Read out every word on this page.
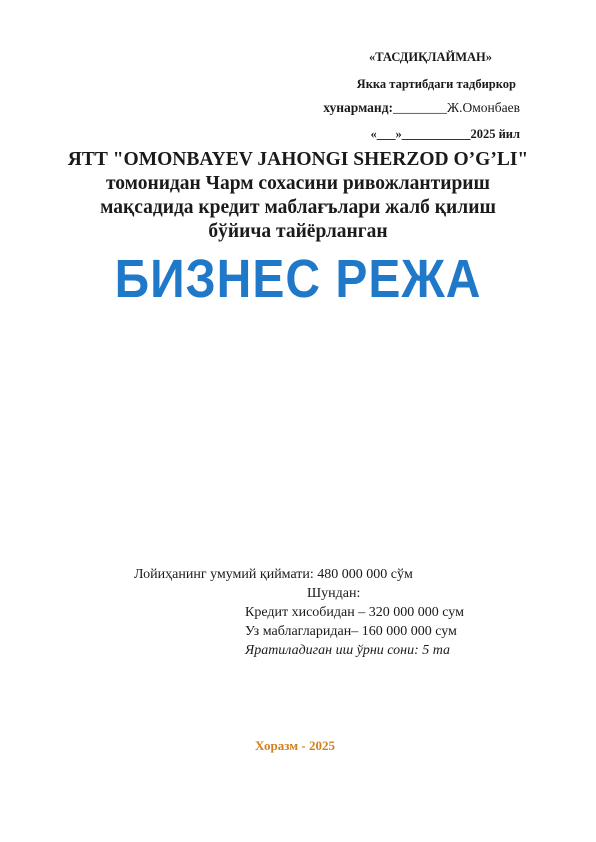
«ТАСДИҚЛАЙМАН»
Якка тартибдаги тадбиркор
хунарманд:________Ж.Омонбаев
«___»___________2025 йил
ЯТТ "OMONBAYEV JAHONGI SHERZOD O’G’LI"
томонидан Чарм сохасини ривожлантириш
мақсадида кредит маблағълари жалб қилиш
бўйича тайёрланган
БИЗНЕС РЕЖА
Лойиҳанинг умумий қиймати: 480 000 000 сўм
Шундан:
Кредит хисобидан – 320 000 000 сум
Уз маблагларидан– 160 000 000 сум
Яратиладиган иш ўрни сони: 5 та
Хоразм - 2025
